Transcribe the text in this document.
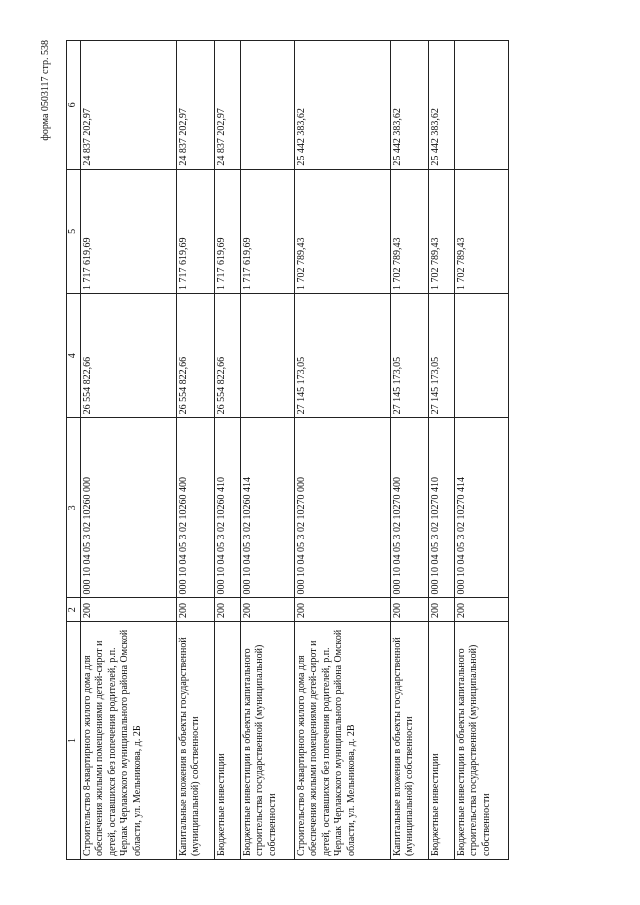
форма 0503117 стр. 538
1	2	3	4	5	6
Строительство 8-квартирного жилого дома для обеспечения жилыми помещениями детей-сирот и детей, оставшихся без попечения родителей, р.п. Черлак Черлакского муниципального района Омской области, ул. Мельникова, д. 2Б	200	000 10 04 05 3 02 10260 000	26 554 822,66	1 717 619,69	24 837 202,97
Капитальные вложения в объекты государственной (муниципальной) собственности	200	000 10 04 05 3 02 10260 400	26 554 822,66	1 717 619,69	24 837 202,97
Бюджетные инвестиции	200	000 10 04 05 3 02 10260 410	26 554 822,66	1 717 619,69	24 837 202,97
Бюджетные инвестиции в объекты капитального строительства государственной (муниципальной) собственности	200	000 10 04 05 3 02 10260 414		1 717 619,69	
Строительство 8-квартирного жилого дома для обеспечения жилыми помещениями детей-сирот и детей, оставшихся без попечения родителей, р.п. Черлак Черлакского муниципального района Омской области, ул. Мельникова, д. 2В	200	000 10 04 05 3 02 10270 000	27 145 173,05	1 702 789,43	25 442 383,62
Капитальные вложения в объекты государственной (муниципальной) собственности	200	000 10 04 05 3 02 10270 400	27 145 173,05	1 702 789,43	25 442 383,62
Бюджетные инвестиции	200	000 10 04 05 3 02 10270 410	27 145 173,05	1 702 789,43	25 442 383,62
Бюджетные инвестиции в объекты капитального строительства государственной (муниципальной) собственности	200	000 10 04 05 3 02 10270 414		1 702 789,43	
